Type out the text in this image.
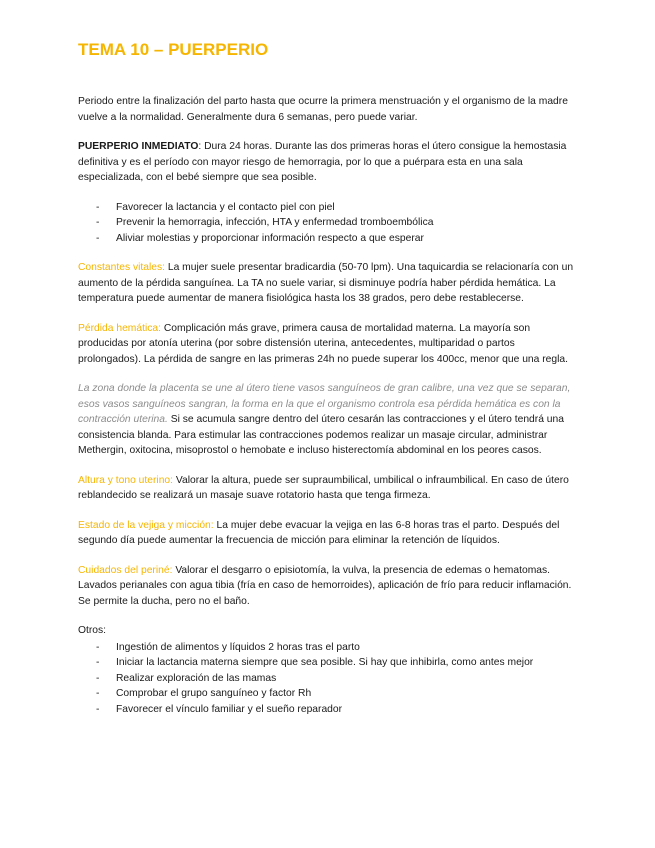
TEMA 10 – PUERPERIO

Periodo entre la finalización del parto hasta que ocurre la primera menstruación y el organismo de la madre vuelve a la normalidad. Generalmente dura 6 semanas, pero puede variar.

PUERPERIO INMEDIATO: Dura 24 horas. Durante las dos primeras horas el útero consigue la hemostasia definitiva y es el período con mayor riesgo de hemorragia, por lo que a puérpara esta en una sala especializada, con el bebé siempre que sea posible.

- Favorecer la lactancia y el contacto piel con piel
- Prevenir la hemorragia, infección, HTA y enfermedad tromboembólica
- Aliviar molestias y proporcionar información respecto a que esperar

Constantes vitales: La mujer suele presentar bradicardia (50-70 lpm). Una taquicardia se relacionaría con un aumento de la pérdida sanguínea. La TA no suele variar, si disminuye podría haber pérdida hemática. La temperatura puede aumentar de manera fisiológica hasta los 38 grados, pero debe restablecerse.

Pérdida hemática: Complicación más grave, primera causa de mortalidad materna. La mayoría son producidas por atonía uterina (por sobre distensión uterina, antecedentes, multiparidad o partos prolongados). La pérdida de sangre en las primeras 24h no puede superar los 400cc, menor que una regla.

La zona donde la placenta se une al útero tiene vasos sanguíneos de gran calibre, una vez que se separan, esos vasos sanguíneos sangran, la forma en la que el organismo controla esa pérdida hemática es con la contracción uterina. Si se acumula sangre dentro del útero cesarán las contracciones y el útero tendrá una consistencia blanda. Para estimular las contracciones podemos realizar un masaje circular, administrar Methergin, oxitocina, misoprostol o hemobate e incluso histerectomía abdominal en los peores casos.

Altura y tono uterino: Valorar la altura, puede ser supraumbilical, umbilical o infraumbilical. En caso de útero reblandecido se realizará un masaje suave rotatorio hasta que tenga firmeza.

Estado de la vejiga y micción: La mujer debe evacuar la vejiga en las 6-8 horas tras el parto. Después del segundo día puede aumentar la frecuencia de micción para eliminar la retención de líquidos.

Cuidados del periné: Valorar el desgarro o episiotomía, la vulva, la presencia de edemas o hematomas. Lavados perianales con agua tibia (fría en caso de hemorroides), aplicación de frío para reducir inflamación. Se permite la ducha, pero no el baño.

Otros:

- Ingestión de alimentos y líquidos 2 horas tras el parto
- Iniciar la lactancia materna siempre que sea posible. Si hay que inhibirla, como antes mejor
- Realizar exploración de las mamas
- Comprobar el grupo sanguíneo y factor Rh
- Favorecer el vínculo familiar y el sueño reparador
